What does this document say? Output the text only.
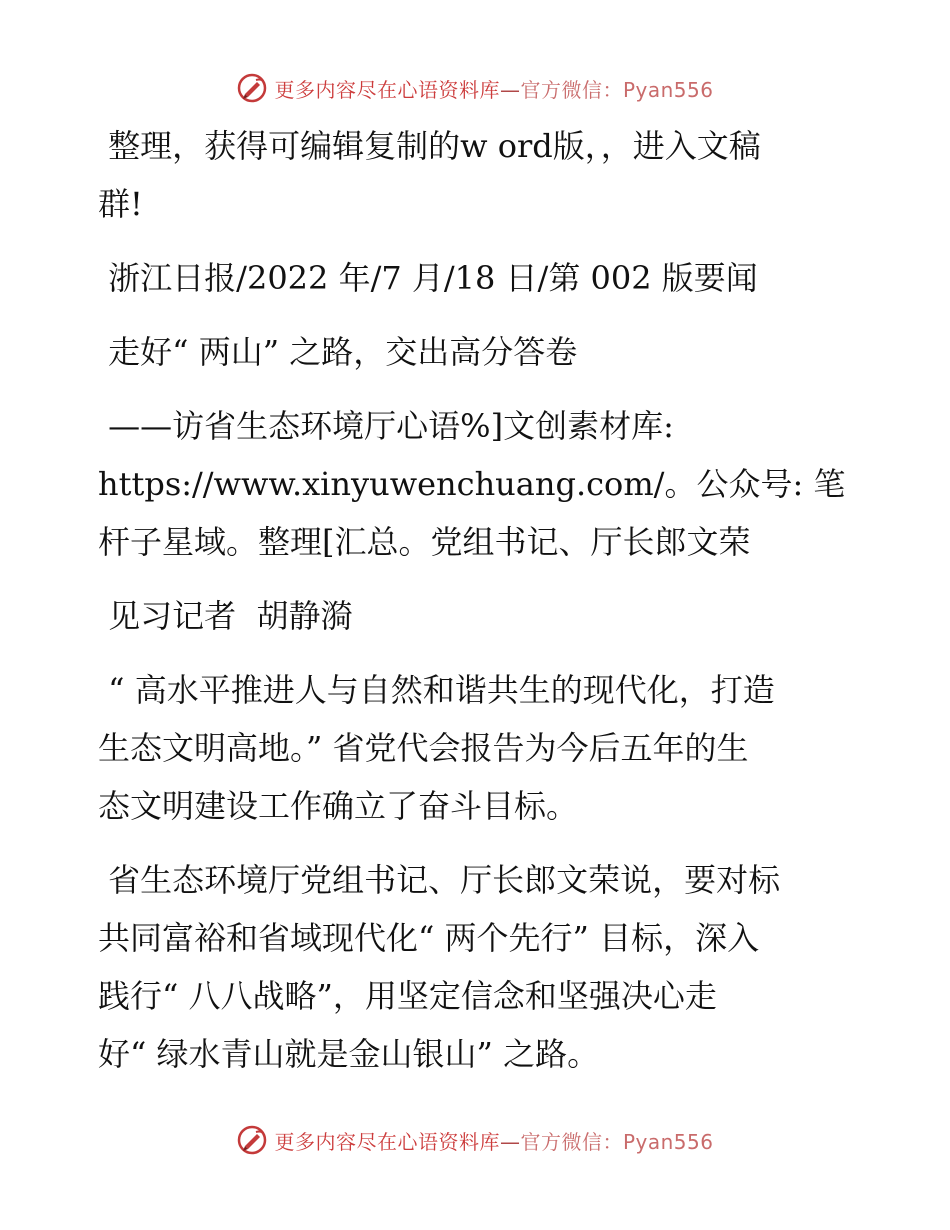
更多内容尽在心语资料库—官方微信：Pyan556
整理，获得可编辑复制的w ord版，，进入文稿
群!
浙江日报/2022 年/7 月/18 日/第 002 版要闻
走好“ 两山” 之路，交出高分答卷
——访省生态环境厅心语%]文创素材库:
https://www.xinyuwenchuang.com/。公众号: 笔
杆子星域。整理[汇总。党组书记、厅长郎文荣
见习记者  胡静漪
“ 高水平推进人与自然和谐共生的现代化，打造
生态文明高地。” 省党代会报告为今后五年的生
态文明建设工作确立了奋斗目标。
省生态环境厅党组书记、厅长郎文荣说，要对标
共同富裕和省域现代化“ 两个先行” 目标，深入
践行“ 八八战略”，用坚定信念和坚强决心走
好“ 绿水青山就是金山银山” 之路。
更多内容尽在心语资料库—官方微信：Pyan556
